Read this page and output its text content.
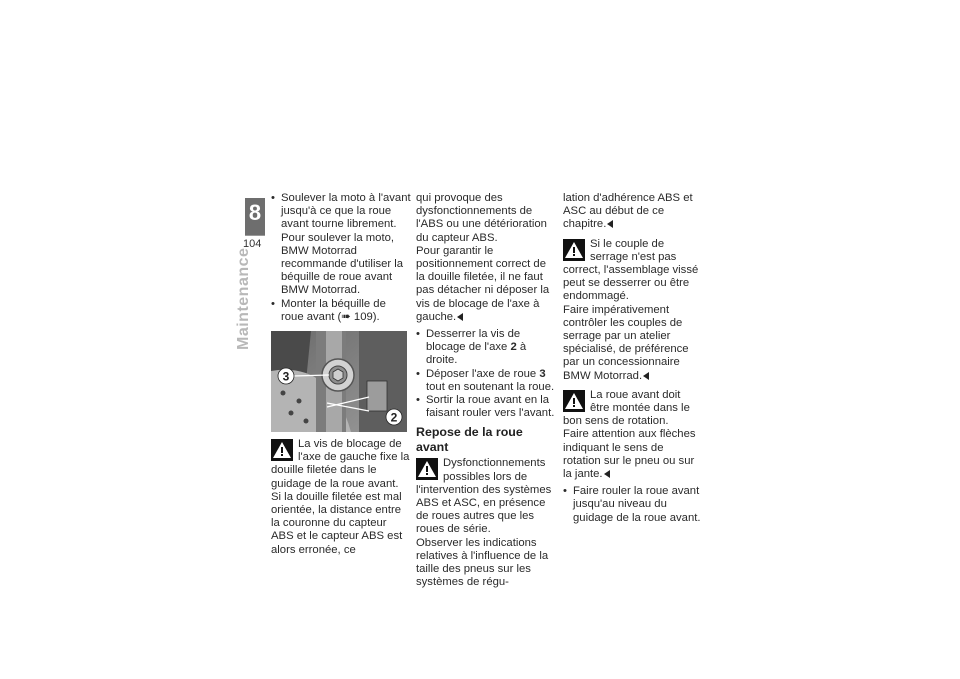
8
104
Maintenance

• Soulever la moto à l'avant jusqu'à ce que la roue avant tourne librement. Pour soulever la moto, BMW Motorrad recommande d'utiliser la béquille de roue avant BMW Motorrad.

• Monter la béquille de roue avant (➠ 109).

3
2

La vis de blocage de l'axe de gauche fixe la douille filetée dans le guidage de la roue avant. Si la douille filetée est mal orientée, la distance entre la couronne du capteur ABS et le capteur ABS est alors erronée, ce

qui provoque des dysfonctionnements de l'ABS ou une détérioration du capteur ABS.

Pour garantir le positionnement correct de la douille filetée, il ne faut pas détacher ni déposer la vis de blocage de l'axe à gauche.

• Desserrer la vis de blocage de l'axe 2 à droite.

• Déposer l'axe de roue 3 tout en soutenant la roue.

• Sortir la roue avant en la faisant rouler vers l'avant.

Repose de la roue avant

Dysfonctionnements possibles lors de l'intervention des systèmes ABS et ASC, en présence de roues autres que les roues de série.

Observer les indications relatives à l'influence de la taille des pneus sur les systèmes de régu-

lation d'adhérence ABS et ASC au début de ce chapitre.

Si le couple de serrage n'est pas correct, l'assemblage vissé peut se desserrer ou être endommagé.

Faire impérativement contrôler les couples de serrage par un atelier spécialisé, de préférence par un concessionnaire BMW Motorrad.

La roue avant doit être montée dans le bon sens de rotation.

Faire attention aux flèches indiquant le sens de rotation sur le pneu ou sur la jante.

• Faire rouler la roue avant jusqu'au niveau du guidage de la roue avant.
